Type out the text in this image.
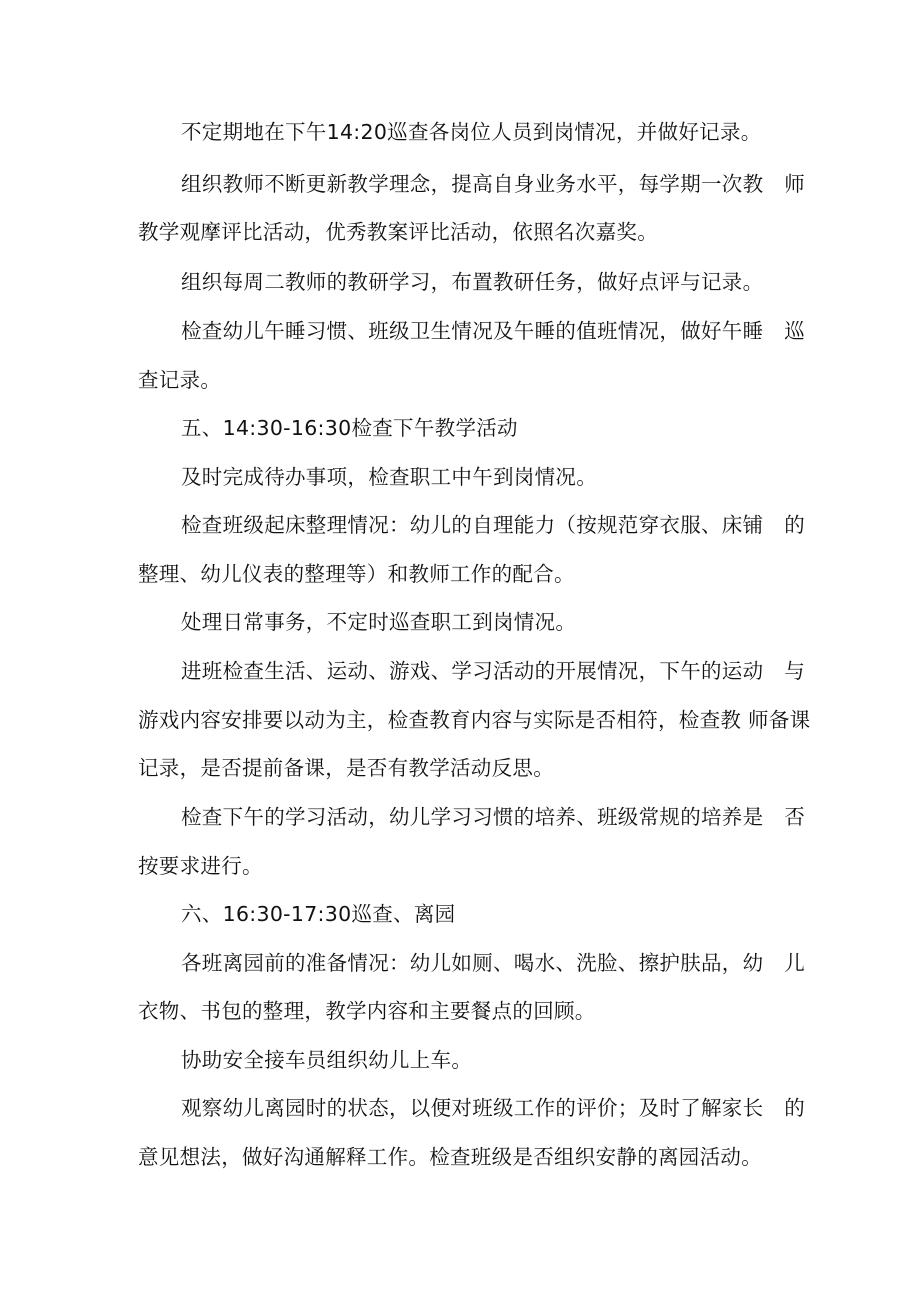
不定期地在下午14:20巡查各岗位人员到岗情况，并做好记录。
组织教师不断更新教学理念，提高自身业务水平，每学期一次教　师
教学观摩评比活动，优秀教案评比活动，依照名次嘉奖。
组织每周二教师的教研学习，布置教研任务，做好点评与记录。
检查幼儿午睡习惯、班级卫生情况及午睡的值班情况，做好午睡　巡
查记录。
五、14:30-16:30检查下午教学活动
及时完成待办事项，检查职工中午到岗情况。
检查班级起床整理情况：幼儿的自理能力（按规范穿衣服、床铺　的
整理、幼儿仪表的整理等）和教师工作的配合。
处理日常事务，不定时巡查职工到岗情况。
进班检查生活、运动、游戏、学习活动的开展情况，下午的运动　与
游戏内容安排要以动为主，检查教育内容与实际是否相符，检查教 师备课
记录，是否提前备课，是否有教学活动反思。
检查下午的学习活动，幼儿学习习惯的培养、班级常规的培养是　否
按要求进行。
六、16:30-17:30巡查、离园
各班离园前的准备情况：幼儿如厕、喝水、洗脸、擦护肤品，幼　儿
衣物、书包的整理，教学内容和主要餐点的回顾。
协助安全接车员组织幼儿上车。
观察幼儿离园时的状态，以便对班级工作的评价；及时了解家长　的
意见想法，做好沟通解释工作。检查班级是否组织安静的离园活动。
